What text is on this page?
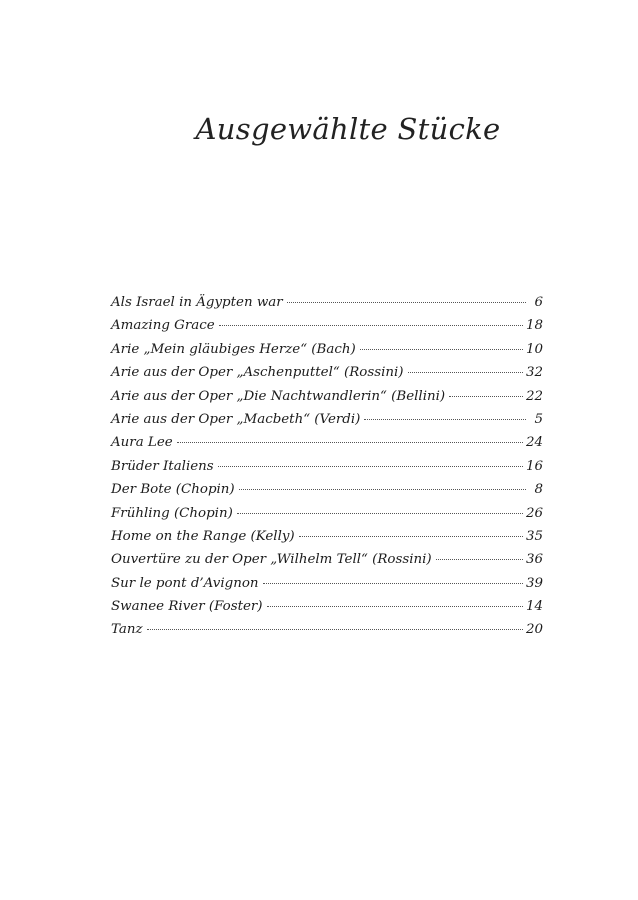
Ausgewählte Stücke
Als Israel in Ägypten war	6
Amazing Grace	18
Arie „Mein gläubiges Herze“ (Bach)	10
Arie aus der Oper „Aschenputtel“ (Rossini)	32
Arie aus der Oper „Die Nachtwandlerin“ (Bellini)	22
Arie aus der Oper „Macbeth“ (Verdi)	5
Aura Lee	24
Brüder Italiens	16
Der Bote (Chopin)	8
Frühling (Chopin)	26
Home on the Range (Kelly)	35
Ouvertüre zu der Oper „Wilhelm Tell“ (Rossini)	36
Sur le pont d’Avignon	39
Swanee River (Foster)	14
Tanz	20
